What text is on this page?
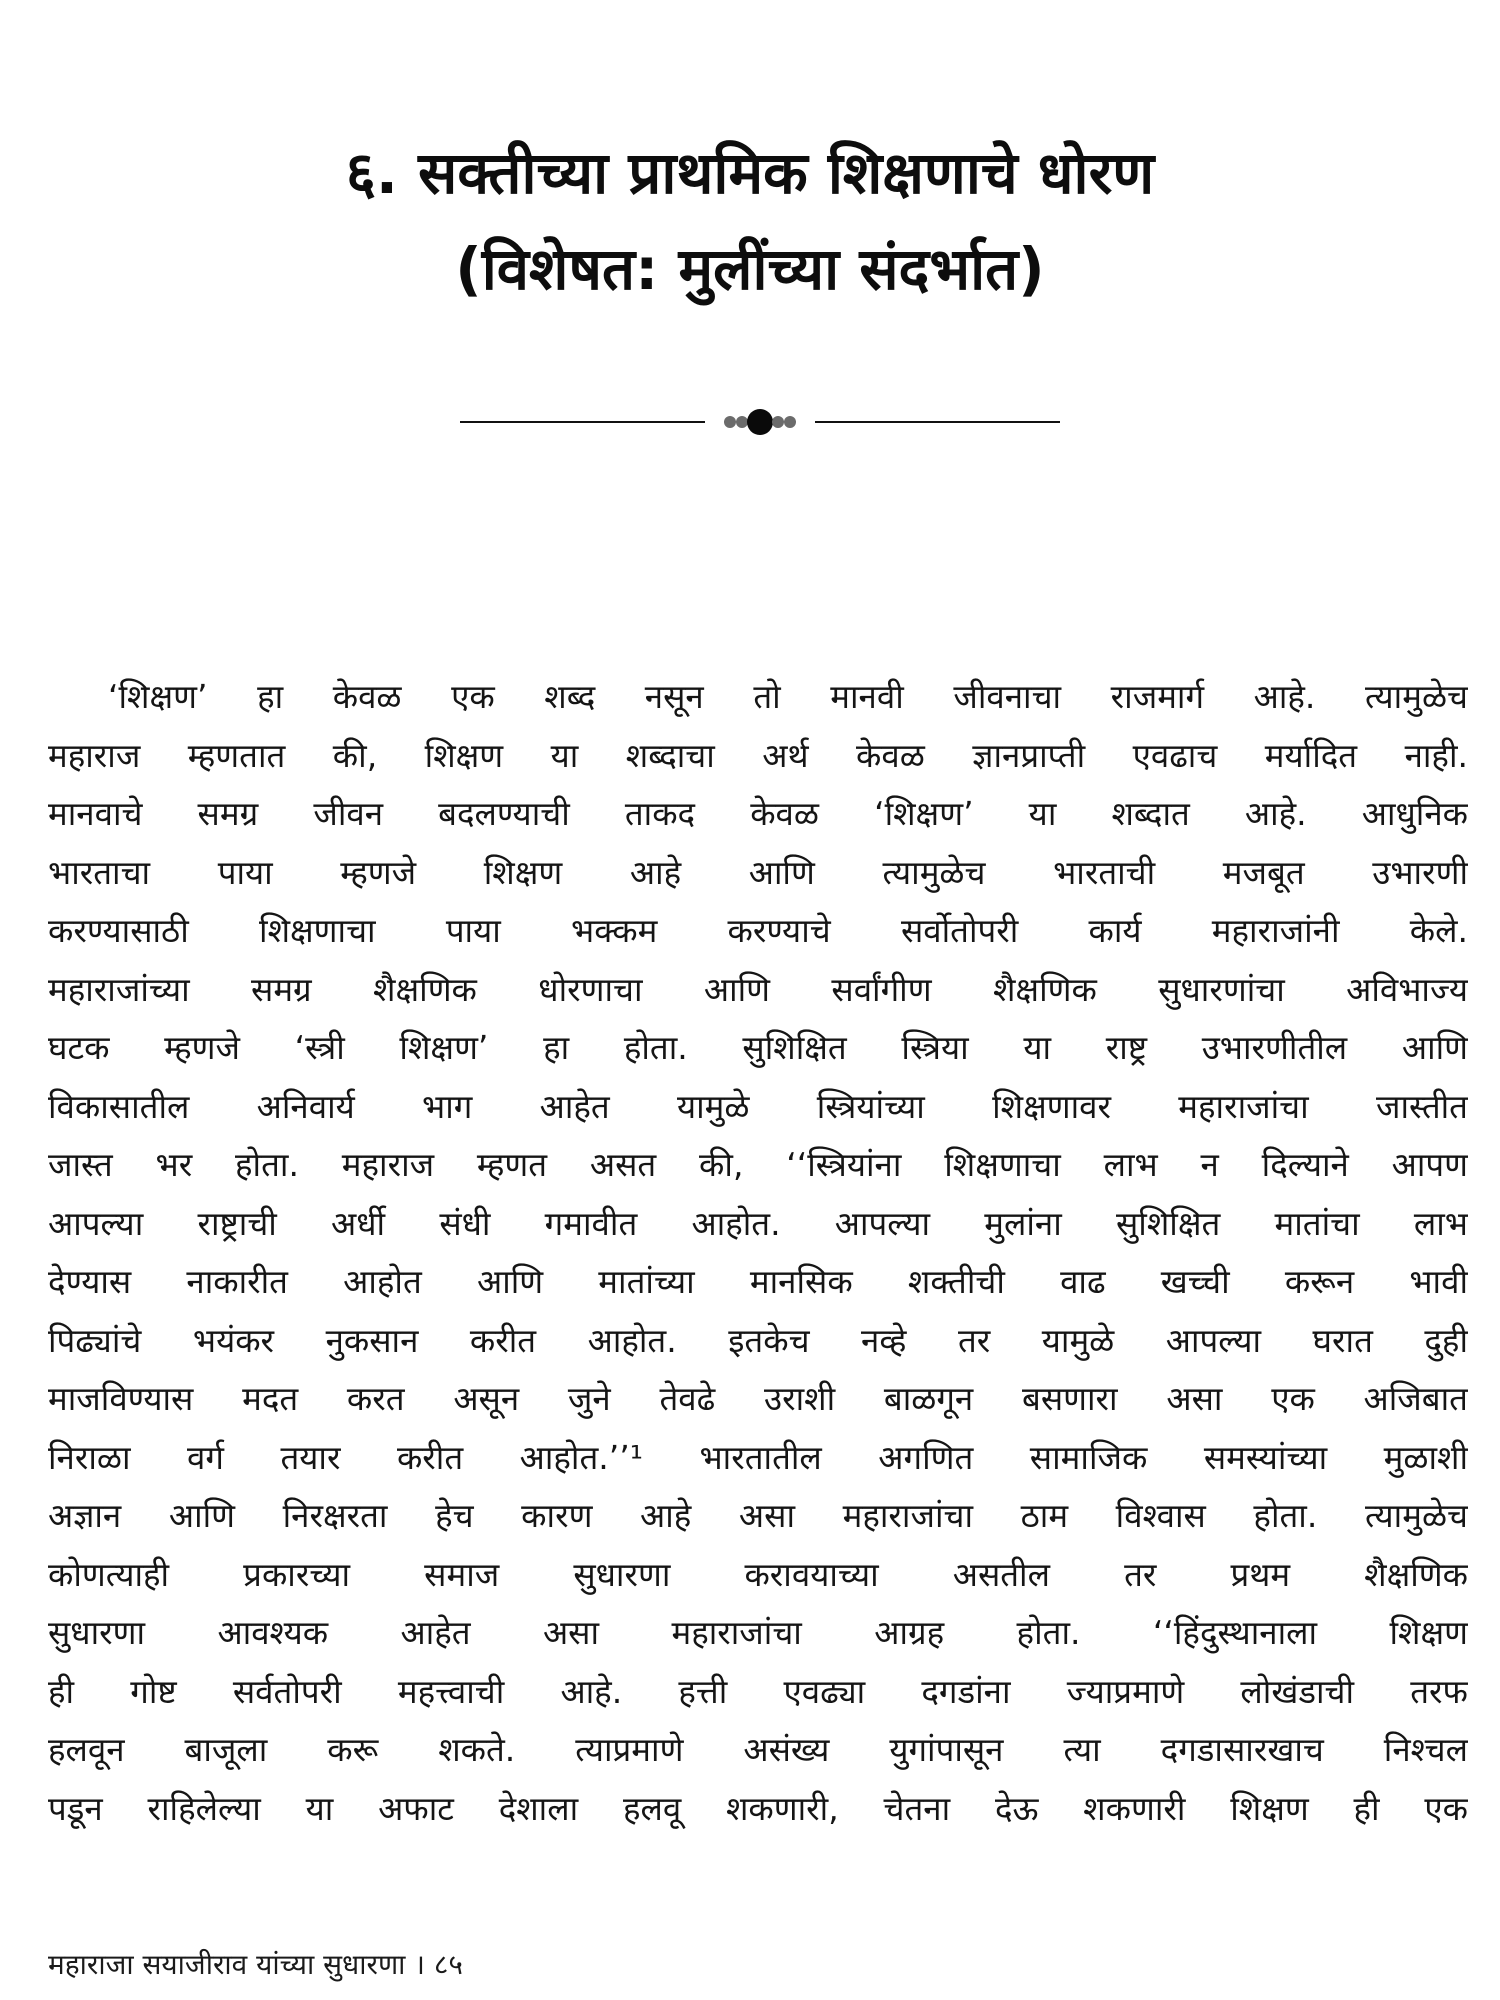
६. सक्तीच्या प्राथमिक शिक्षणाचे धोरण
(विशेषत: मुलींच्या संदर्भात)
‘शिक्षण’ हा केवळ एक शब्द नसून तो मानवी जीवनाचा राजमार्ग आहे. त्यामुळेच
महाराज म्हणतात की, शिक्षण या शब्दाचा अर्थ केवळ ज्ञानप्राप्ती एवढाच मर्यादित नाही.
मानवाचे समग्र जीवन बदलण्याची ताकद केवळ ‘शिक्षण’ या शब्दात आहे. आधुनिक
भारताचा पाया म्हणजे शिक्षण आहे आणि त्यामुळेच भारताची मजबूत उभारणी
करण्यासाठी शिक्षणाचा पाया भक्कम करण्याचे सर्वोतोपरी कार्य महाराजांनी केले.
महाराजांच्या समग्र शैक्षणिक धोरणाचा आणि सर्वांगीण शैक्षणिक सुधारणांचा अविभाज्य
घटक म्हणजे ‘स्त्री शिक्षण’ हा होता. सुशिक्षित स्त्रिया या राष्ट्र उभारणीतील आणि
विकासातील अनिवार्य भाग आहेत यामुळे स्त्रियांच्या शिक्षणावर महाराजांचा जास्तीत
जास्त भर होता. महाराज म्हणत असत की, ‘‘स्त्रियांना शिक्षणाचा लाभ न दिल्याने आपण
आपल्या राष्ट्राची अर्धी संधी गमावीत आहोत. आपल्या मुलांना सुशिक्षित मातांचा लाभ
देण्यास नाकारीत आहोत आणि मातांच्या मानसिक शक्तीची वाढ खच्ची करून भावी
पिढ्यांचे भयंकर नुकसान करीत आहोत. इतकेच नव्हे तर यामुळे आपल्या घरात दुही
माजविण्यास मदत करत असून जुने तेवढे उराशी बाळगून बसणारा असा एक अजिबात
निराळा वर्ग तयार करीत आहोत.’’¹ भारतातील अगणित सामाजिक समस्यांच्या मुळाशी
अज्ञान आणि निरक्षरता हेच कारण आहे असा महाराजांचा ठाम विश्वास होता. त्यामुळेच
कोणत्याही प्रकारच्या समाज सुधारणा करावयाच्या असतील तर प्रथम शैक्षणिक
सुधारणा आवश्यक आहेत असा महाराजांचा आग्रह होता. ‘‘हिंदुस्थानाला शिक्षण
ही गोष्ट सर्वतोपरी महत्त्वाची आहे. हत्ती एवढ्या दगडांना ज्याप्रमाणे लोखंडाची तरफ
हलवून बाजूला करू शकते. त्याप्रमाणे असंख्य युगांपासून त्या दगडासारखाच निश्चल
पडून राहिलेल्या या अफाट देशाला हलवू शकणारी, चेतना देऊ शकणारी शिक्षण ही एक

महाराजा सयाजीराव यांच्या सुधारणा । ८५
